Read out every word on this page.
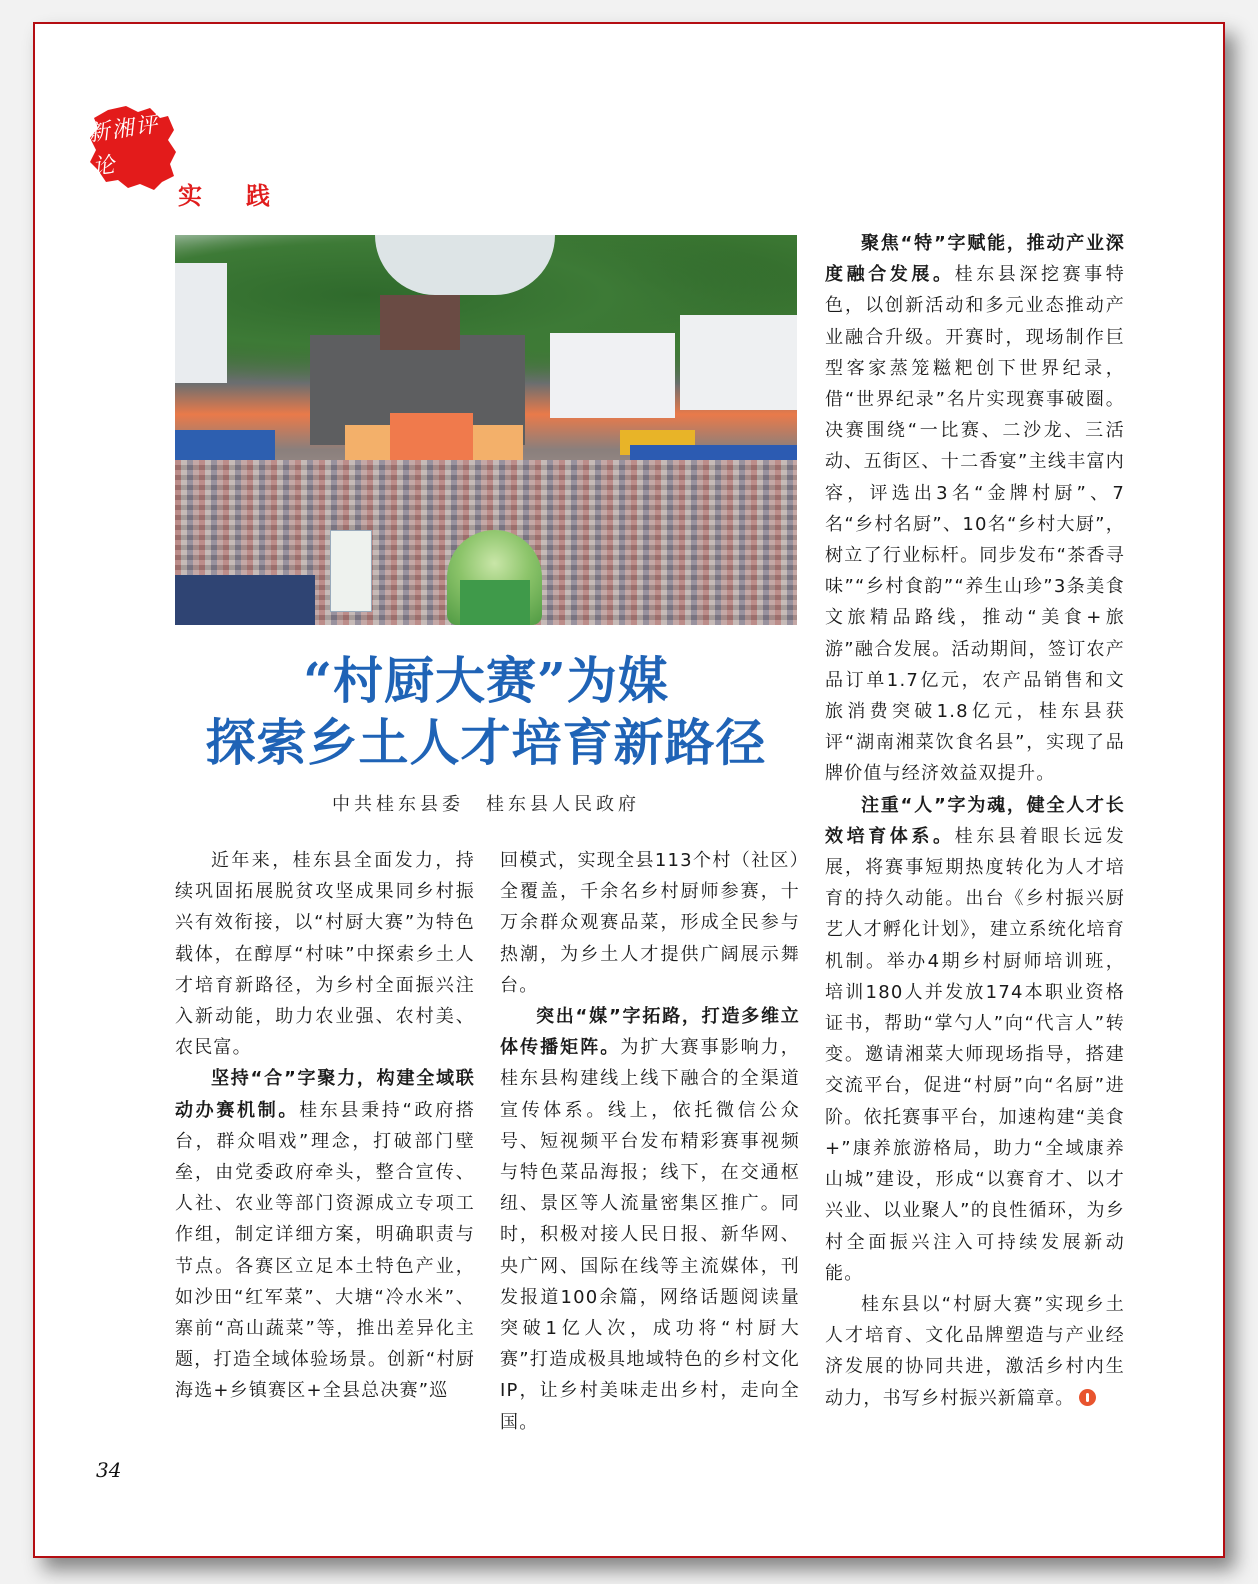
新湘评论
实践
“村厨大赛”为媒
探索乡土人才培育新路径
中共桂东县委 桂东县人民政府

近年来，桂东县全面发力，持续巩固拓展脱贫攻坚成果同乡村振兴有效衔接，以“村厨大赛”为特色载体，在醇厚“村味”中探索乡土人才培育新路径，为乡村全面振兴注入新动能，助力农业强、农村美、农民富。

坚持“合”字聚力，构建全域联动办赛机制。桂东县秉持“政府搭台，群众唱戏”理念，打破部门壁垒，由党委政府牵头，整合宣传、人社、农业等部门资源成立专项工作组，制定详细方案，明确职责与节点。各赛区立足本土特色产业，如沙田“红军菜”、大塘“冷水米”、寨前“高山蔬菜”等，推出差异化主题，打造全域体验场景。创新“村厨海选+乡镇赛区+全县总决赛”巡

回模式，实现全县113个村（社区）全覆盖，千余名乡村厨师参赛，十万余群众观赛品菜，形成全民参与热潮，为乡土人才提供广阔展示舞台。

突出“媒”字拓路，打造多维立体传播矩阵。为扩大赛事影响力，桂东县构建线上线下融合的全渠道宣传体系。线上，依托微信公众号、短视频平台发布精彩赛事视频与特色菜品海报；线下，在交通枢纽、景区等人流量密集区推广。同时，积极对接人民日报、新华网、央广网、国际在线等主流媒体，刊发报道100余篇，网络话题阅读量突破1亿人次，成功将“村厨大赛”打造成极具地域特色的乡村文化IP，让乡村美味走出乡村，走向全国。

聚焦“特”字赋能，推动产业深度融合发展。桂东县深挖赛事特色，以创新活动和多元业态推动产业融合升级。开赛时，现场制作巨型客家蒸笼糍粑创下世界纪录，借“世界纪录”名片实现赛事破圈。决赛围绕“一比赛、二沙龙、三活动、五街区、十二香宴”主线丰富内容，评选出3名“金牌村厨”、7名“乡村名厨”、10名“乡村大厨”，树立了行业标杆。同步发布“茶香寻味”“乡村食韵”“养生山珍”3条美食文旅精品路线，推动“美食+旅游”融合发展。活动期间，签订农产品订单1.7亿元，农产品销售和文旅消费突破1.8亿元，桂东县获评“湖南湘菜饮食名县”，实现了品牌价值与经济效益双提升。

注重“人”字为魂，健全人才长效培育体系。桂东县着眼长远发展，将赛事短期热度转化为人才培育的持久动能。出台《乡村振兴厨艺人才孵化计划》，建立系统化培育机制。举办4期乡村厨师培训班，培训180人并发放174本职业资格证书，帮助“掌勺人”向“代言人”转变。邀请湘菜大师现场指导，搭建交流平台，促进“村厨”向“名厨”进阶。依托赛事平台，加速构建“美食+”康养旅游格局，助力“全域康养山城”建设，形成“以赛育才、以才兴业、以业聚人”的良性循环，为乡村全面振兴注入可持续发展新动能。

桂东县以“村厨大赛”实现乡土人才培育、文化品牌塑造与产业经济发展的协同共进，激活乡村内生动力，书写乡村振兴新篇章。

34
